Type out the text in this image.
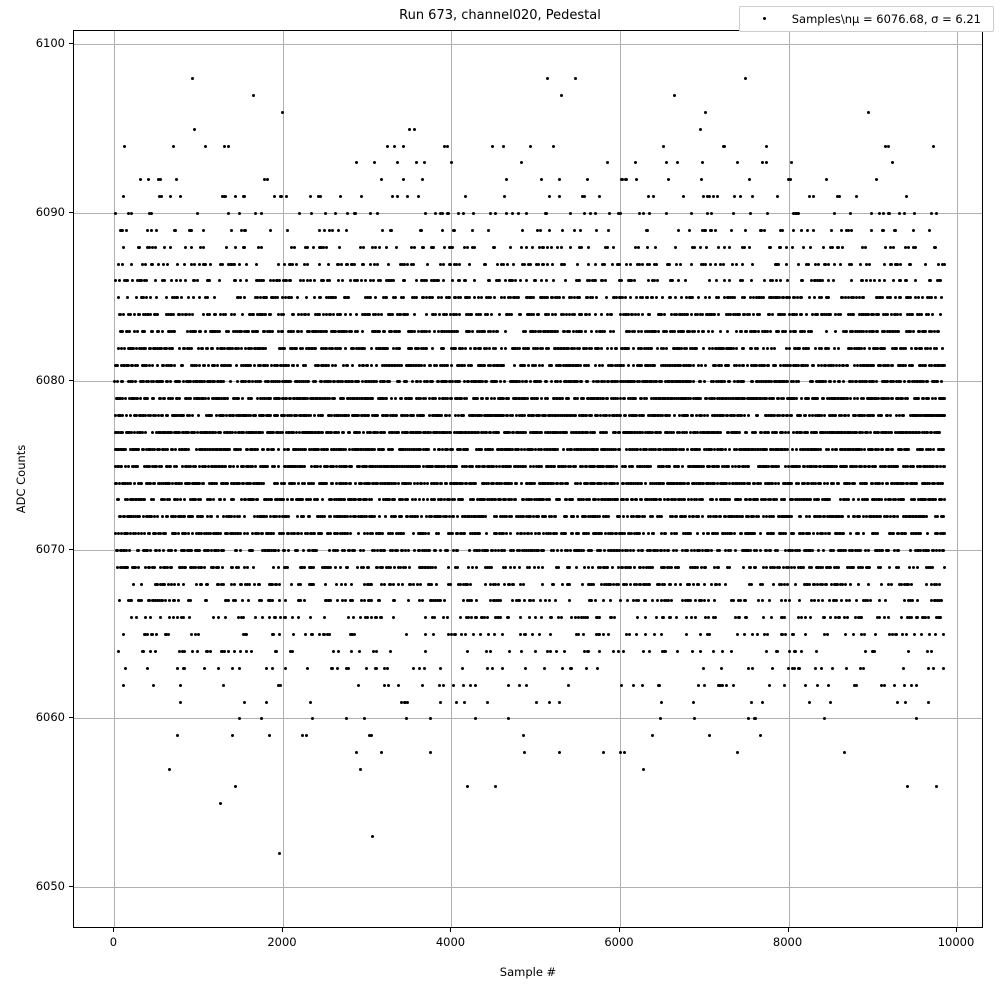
Run 673, channel020, Pedestal
ADC Counts
Sample #
Samples\nμ = 6076.68, σ = 6.21
0	2000	4000	6000	8000	10000
6050
6060
6070
6080
6090
6100
